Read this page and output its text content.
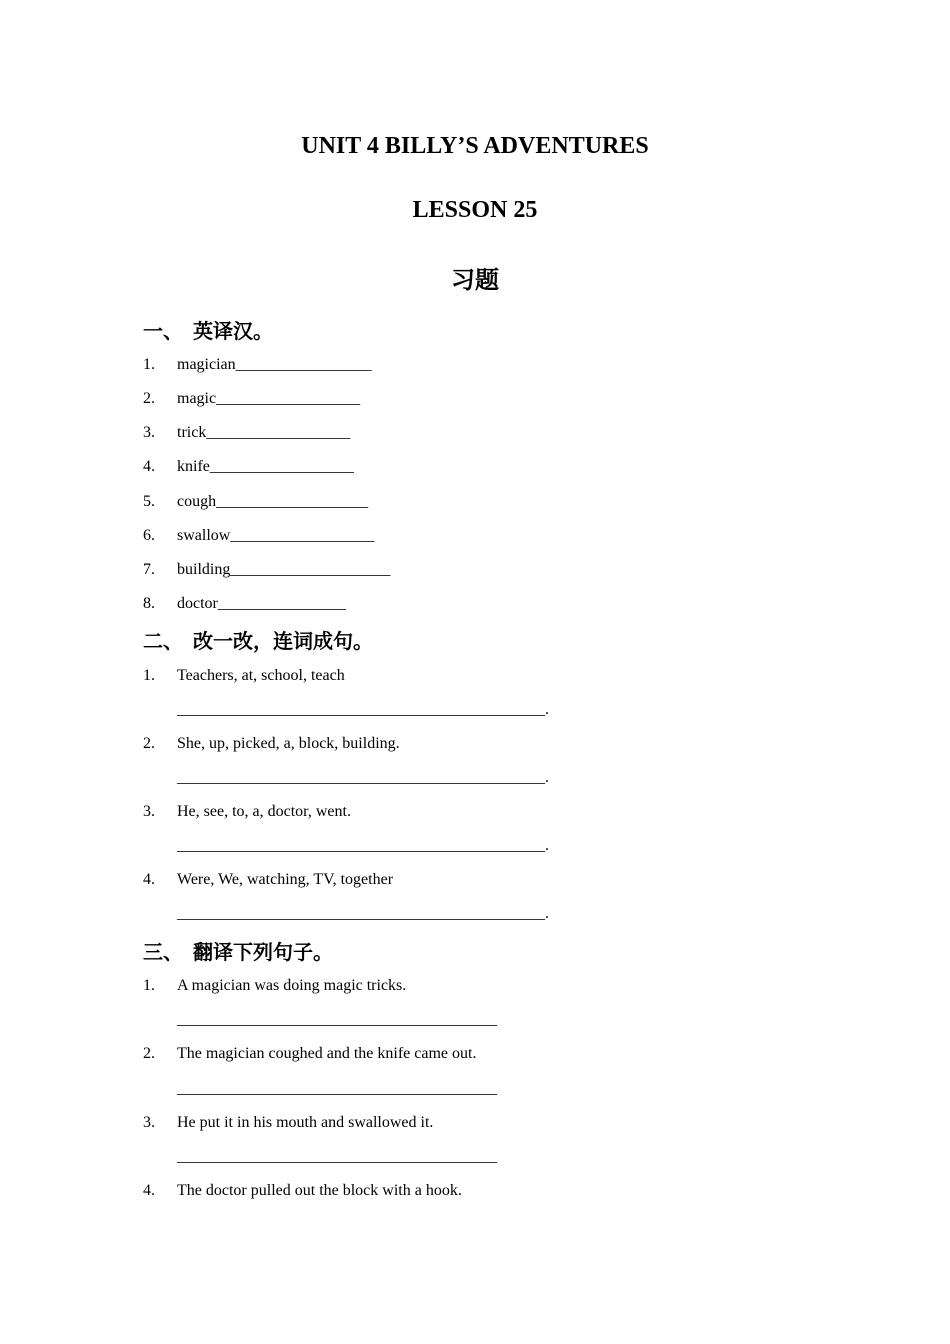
UNIT 4 BILLY’S ADVENTURES
LESSON 25
习题
一、 英译汉。
1. magician_________________
2. magic__________________
3. trick__________________
4. knife__________________
5. cough___________________
6. swallow__________________
7. building____________________
8. doctor________________
二、 改一改，连词成句。
1. Teachers, at, school, teach
______________________________________________.
2. She, up, picked, a, block, building.
______________________________________________.
3. He, see, to, a, doctor, went.
______________________________________________.
4. Were, We, watching, TV, together
______________________________________________.
三、 翻译下列句子。
1. A magician was doing magic tricks.
________________________________________
2. The magician coughed and the knife came out.
________________________________________
3. He put it in his mouth and swallowed it.
________________________________________
4. The doctor pulled out the block with a hook.
